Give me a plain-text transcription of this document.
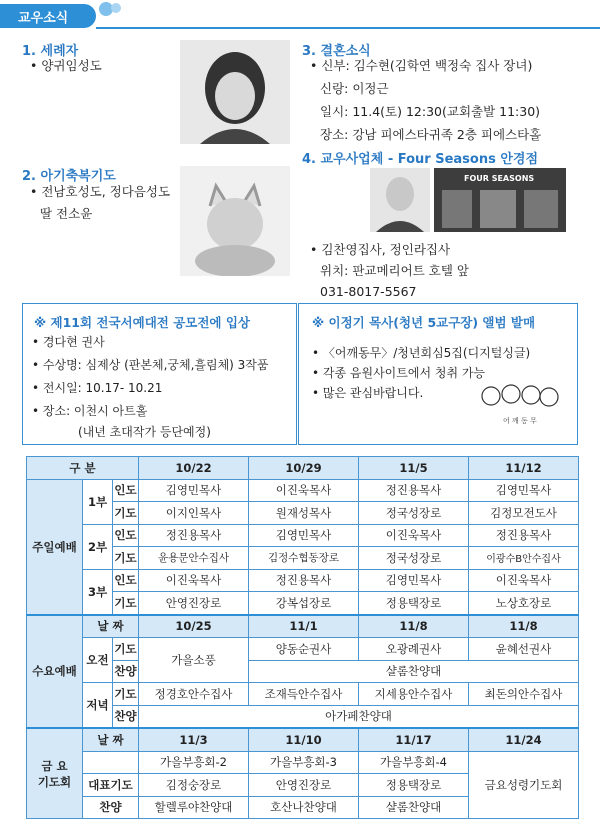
교우소식
1. 세례자
• 양귀임성도
2. 아기축복기도
• 전남호성도, 정다음성도
딸 전소윤
3. 결혼소식
• 신부: 김수현(김학연 백정숙 집사 장녀)
신랑: 이정근
일시: 11.4(토) 12:30(교회출발 11:30)
장소: 강남 피에스타귀족 2층 피에스타홀
4. 교우사업체 - Four Seasons 안경점
FOUR SEASONS
• 김찬영집사, 정인라집사
위치: 판교메리어트 호텔 앞
031-8017-5567
※ 제11회 전국서예대전 공모전에 입상
• 경다현 권사
• 수상명: 심제상 (판본체,궁체,흘림체) 3작품
• 전시일: 10.17- 10.21
• 장소: 이천시 아트홀
(내년 초대작가 등단예정)
※ 이정기 목사(청년 5교구장) 앨범 발매
• 〈어깨동무〉/청년회심5집(디지털싱글)
• 각종 음원사이트에서 청취 가능
• 많은 관심바랍니다.
어 깨 동 무
구 분			10/22	10/29	11/5	11/12
주일예배	1부	인도	김영민목사	이진욱목사	정진용목사	김영민목사
		기도	이지인목사	원재성목사	정국성장로	김정모전도사
	2부	인도	정진용목사	김영민목사	이진욱목사	정진용목사
		기도	윤용문안수집사	김정수협동장로	정국성장로	이광수B안수집사
	3부	인도	이진욱목사	정진용목사	김영민목사	이진욱목사
		기도	안영진장로	강복섭장로	정용택장로	노상호장로
수요예배	날 짜		10/25	11/1	11/8	11/8
	오전	기도	가을소풍	양동순권사	오광례권사	윤혜선권사
		찬양		샬롬찬양대		
	저녁	기도	정경호안수집사	조재득안수집사	지세용안수집사	최돈의안수집사
		찬양	아가페찬양대			

금 요
기도회	날 짜		11/3	11/10	11/17	11/24
			가을부흥회-2	가을부흥회-3	가을부흥회-4	금요성령기도회
	대표기도		김정숭장로	안영진장로	정용택장로	
	찬양		할렐루야찬양대	호산나찬양대	샬롬찬양대	
